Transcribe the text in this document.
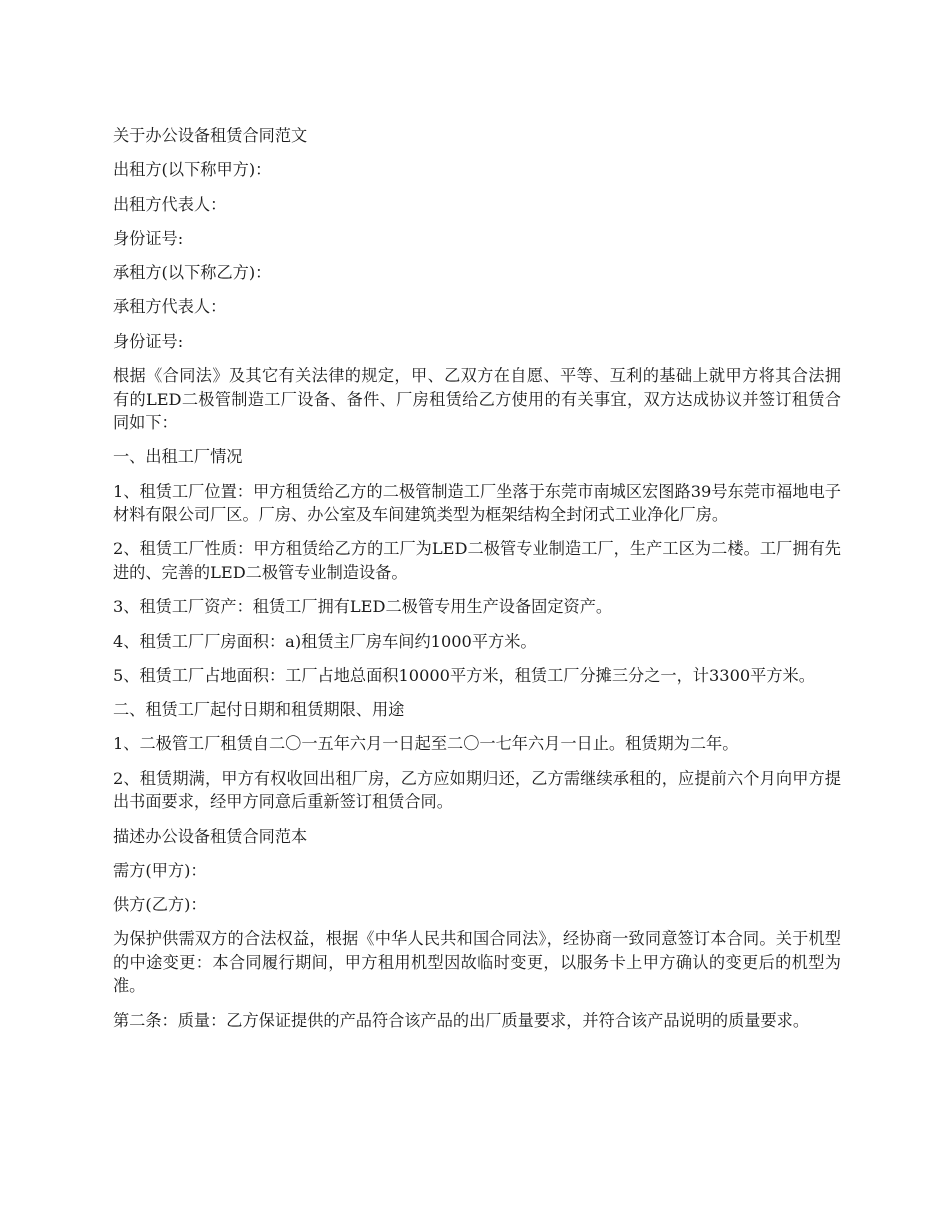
关于办公设备租赁合同范文

出租方(以下称甲方)：

出租方代表人：

身份证号:

承租方(以下称乙方)：

承租方代表人：

身份证号:

根据《合同法》及其它有关法律的规定，甲、乙双方在自愿、平等、互利的基础上就甲方将其合法拥有的LED二极管制造工厂设备、备件、厂房租赁给乙方使用的有关事宜，双方达成协议并签订租赁合同如下：

一、出租工厂情况

1、租赁工厂位置：甲方租赁给乙方的二极管制造工厂坐落于东莞市南城区宏图路39号东莞市福地电子材料有限公司厂区。厂房、办公室及车间建筑类型为框架结构全封闭式工业净化厂房。

2、租赁工厂性质：甲方租赁给乙方的工厂为LED二极管专业制造工厂，生产工区为二楼。工厂拥有先进的、完善的LED二极管专业制造设备。

3、租赁工厂资产：租赁工厂拥有LED二极管专用生产设备固定资产。

4、租赁工厂厂房面积：a)租赁主厂房车间约1000平方米。

5、租赁工厂占地面积：工厂占地总面积10000平方米，租赁工厂分摊三分之一，计3300平方米。

二、租赁工厂起付日期和租赁期限、用途

1、二极管工厂租赁自二〇一五年六月一日起至二〇一七年六月一日止。租赁期为二年。

2、租赁期满，甲方有权收回出租厂房，乙方应如期归还，乙方需继续承租的，应提前六个月向甲方提出书面要求，经甲方同意后重新签订租赁合同。

描述办公设备租赁合同范本

需方(甲方)：

供方(乙方)：

为保护供需双方的合法权益，根据《中华人民共和国合同法》，经协商一致同意签订本合同。关于机型的中途变更：本合同履行期间，甲方租用机型因故临时变更，以服务卡上甲方确认的变更后的机型为准。

第二条：质量：乙方保证提供的产品符合该产品的出厂质量要求，并符合该产品说明的质量要求。
